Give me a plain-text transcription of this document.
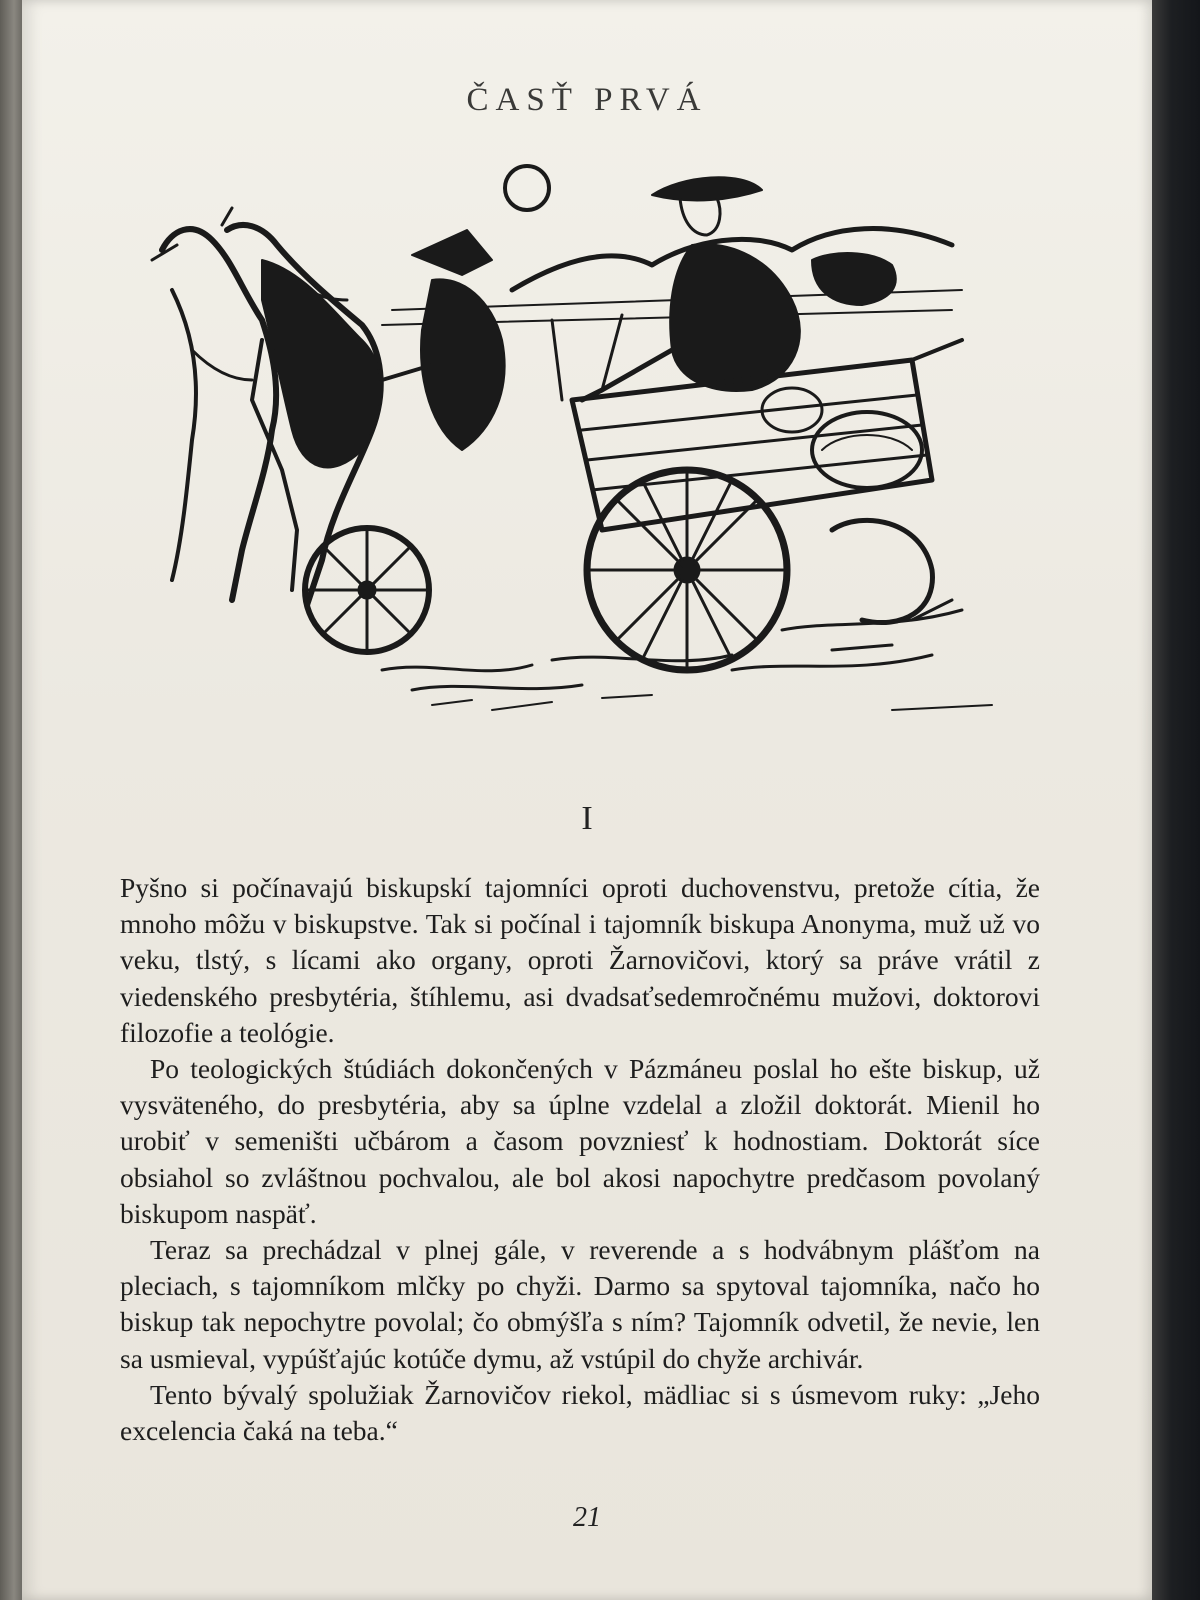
ČASŤ PRVÁ
I

Pyšno si počínavajú biskupskí tajomníci oproti duchovenstvu, pretože cítia, že mnoho môžu v biskupstve. Tak si počínal i tajomník biskupa Anonyma, muž už vo veku, tlstý, s lícami ako organy, oproti Žarnovičovi, ktorý sa práve vrátil z viedenského presbytéria, štíhlemu, asi dvadsaťsedemročnému mužovi, doktorovi filozofie a teológie.

Po teologických štúdiách dokončených v Pázmáneu poslal ho ešte biskup, už vysväteného, do presbytéria, aby sa úplne vzdelal a zložil doktorát. Mienil ho urobiť v semeništi učbárom a časom povzniesť k hodnostiam. Doktorát síce obsiahol so zvláštnou pochvalou, ale bol akosi napochytre predčasom povolaný biskupom naspäť.

Teraz sa prechádzal v plnej gále, v reverende a s hodvábnym plášťom na pleciach, s tajomníkom mlčky po chyži. Darmo sa spytoval tajomníka, načo ho biskup tak nepochytre povolal; čo obmýšľa s ním? Tajomník odvetil, že nevie, len sa usmieval, vypúšťajúc kotúče dymu, až vstúpil do chyže archivár.

Tento bývalý spolužiak Žarnovičov riekol, mädliac si s úsmevom ruky: „Jeho excelencia čaká na teba.“

21
